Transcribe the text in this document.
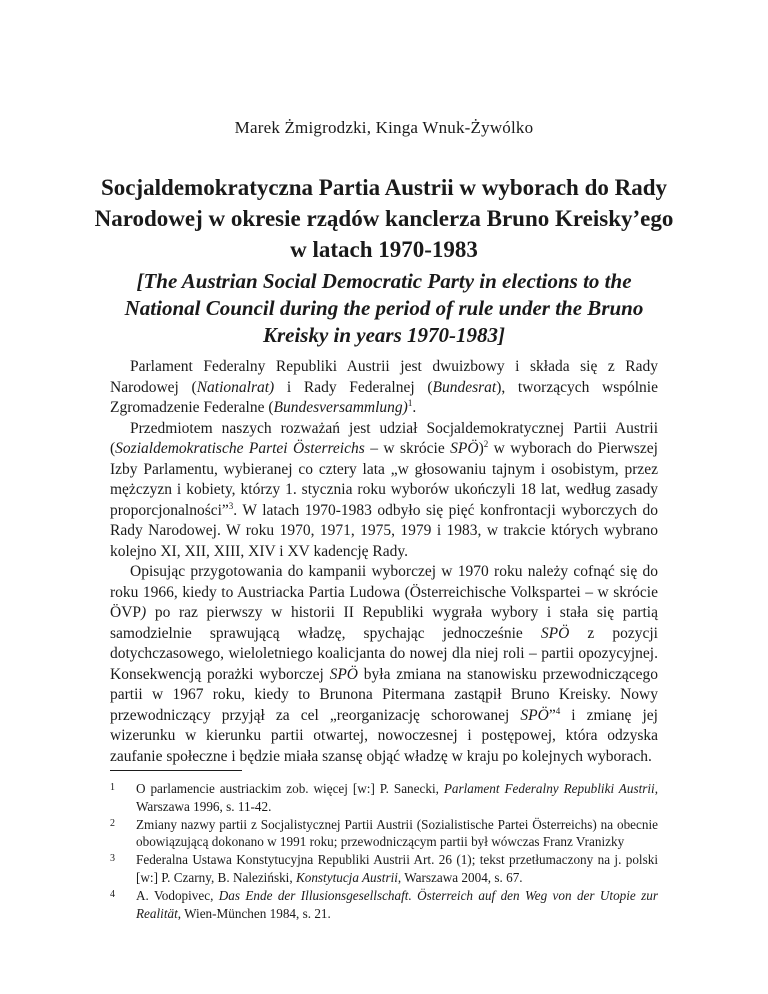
Marek Żmigrodzki, Kinga Wnuk-Żywólko
Socjaldemokratyczna Partia Austrii w wyborach do Rady Narodowej w okresie rządów kanclerza Bruno Kreisky’ego w latach 1970-1983
[The Austrian Social Democratic Party in elections to the National Council during the period of rule under the Bruno Kreisky in years 1970-1983]

Parlament Federalny Republiki Austrii jest dwuizbowy i składa się z Rady Narodowej (Nationalrat) i Rady Federalnej (Bundesrat), tworzących wspólnie Zgromadzenie Federalne (Bundesversammlung)$^1$.

Przedmiotem naszych rozważań jest udział Socjaldemokratycznej Partii Austrii (Sozialdemokratische Partei Österreichs – w skrócie SPÖ)$^2$ w wyborach do Pierwszej Izby Parlamentu, wybieranej co cztery lata „w głosowaniu tajnym i osobistym, przez mężczyzn i kobiety, którzy 1. stycznia roku wyborów ukończyli 18 lat, według zasady proporcjonalności”$^3$. W latach 1970-1983 odbyło się pięć konfrontacji wyborczych do Rady Narodowej. W roku 1970, 1971, 1975, 1979 i 1983, w trakcie których wybrano kolejno XI, XII, XIII, XIV i XV kadencję Rady.

Opisując przygotowania do kampanii wyborczej w 1970 roku należy cofnąć się do roku 1966, kiedy to Austriacka Partia Ludowa (Österreichische Volkspartei – w skrócie ÖVP) po raz pierwszy w historii II Republiki wygrała wybory i stała się partią samodzielnie sprawującą władzę, spychając jednocześnie SPÖ z pozycji dotychczasowego, wieloletniego koalicjanta do nowej dla niej roli – partii opozycyjnej. Konsekwencją porażki wyborczej SPÖ była zmiana na stanowisku przewodniczącego partii w 1967 roku, kiedy to Brunona Pitermana zastąpił Bruno Kreisky. Nowy przewodniczący przyjął za cel „reorganizację schorowanej SPÖ”$^4$ i zmianę jej wizerunku w kierunku partii otwartej, nowoczesnej i postępowej, która odzyska zaufanie społeczne i będzie miała szansę objąć władzę w kraju po kolejnych wyborach.

1	O parlamencie austriackim zob. więcej [w:] P. Sanecki, Parlament Federalny Republiki Austrii, Warszawa 1996, s. 11-42.
2	Zmiany nazwy partii z Socjalistycznej Partii Austrii (Sozialistische Partei Österreichs) na obecnie obowiązującą dokonano w 1991 roku; przewodniczącym partii był wówczas Franz Vranizky
3	Federalna Ustawa Konstytucyjna Republiki Austrii Art. 26 (1); tekst przetłumaczony na j. polski [w:] P. Czarny, B. Naleziński, Konstytucja Austrii, Warszawa 2004, s. 67.
4	A. Vodopivec, Das Ende der Illusionsgesellschaft. Österreich auf den Weg von der Utopie zur Realität, Wien-München 1984, s. 21.
